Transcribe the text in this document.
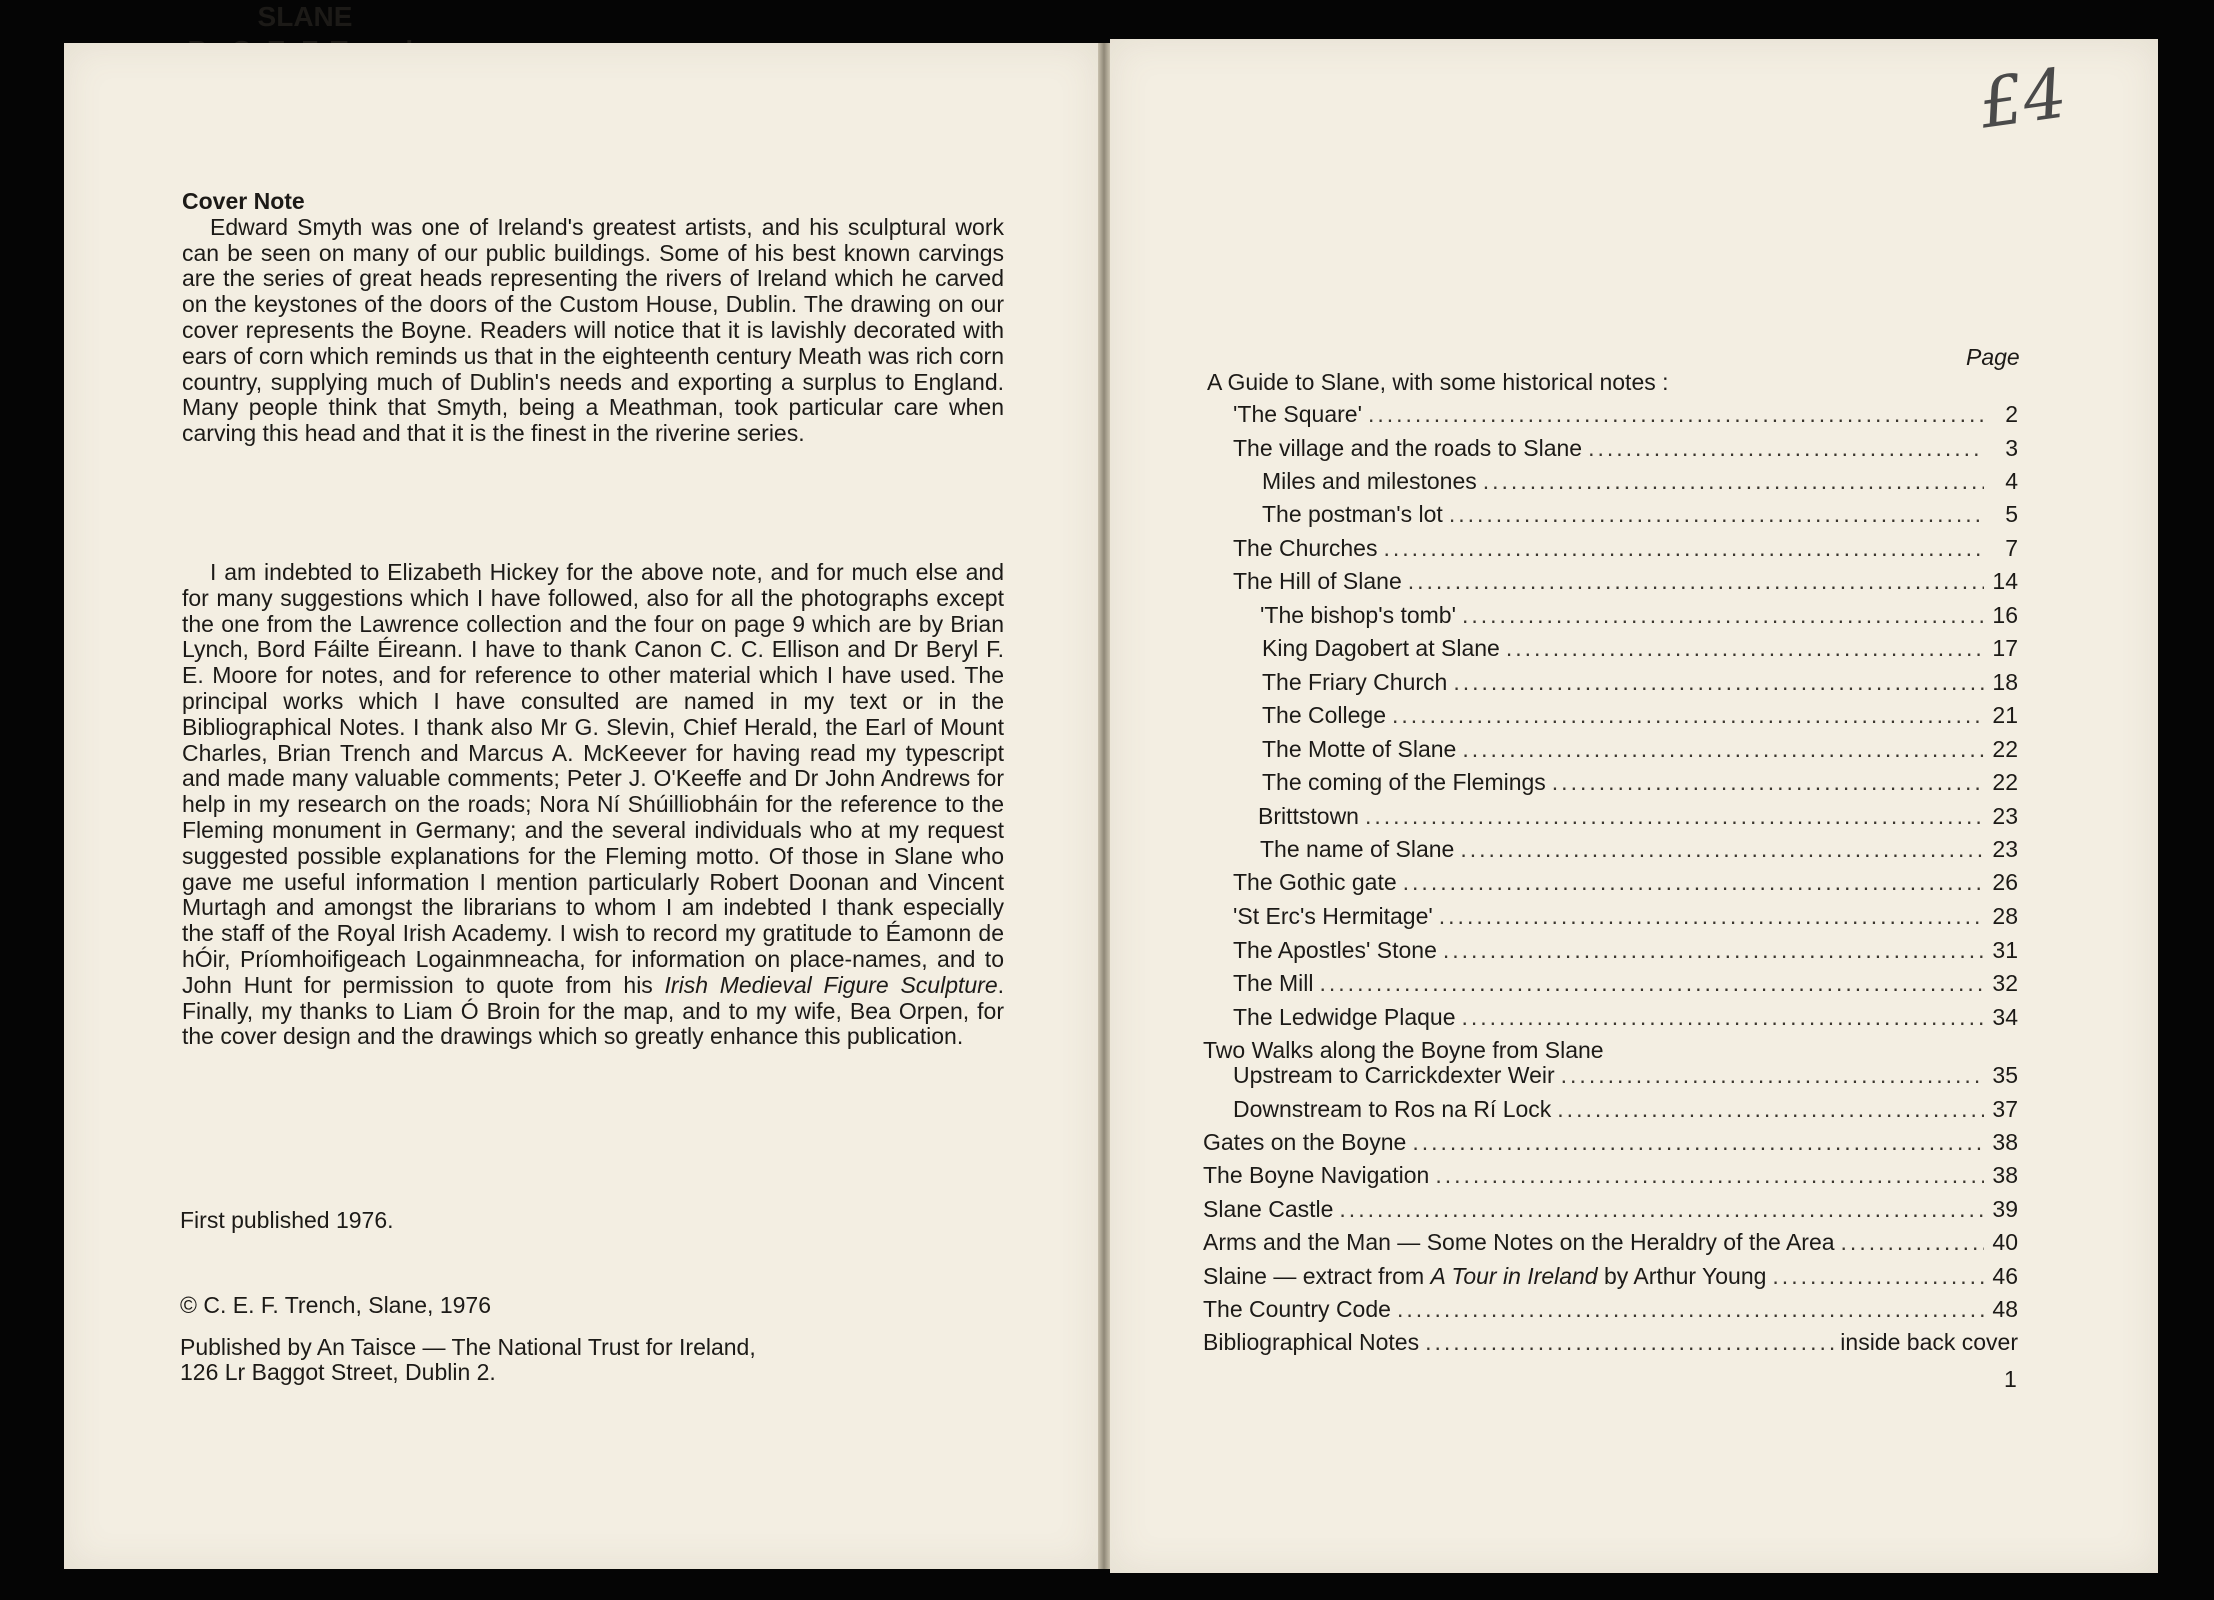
Cover Note
Edward Smyth was one of Ireland's greatest artists, and his sculptural work can be seen on many of our public buildings. Some of his best known carvings are the series of great heads representing the rivers of Ireland which he carved on the keystones of the doors of the Custom House, Dublin. The drawing on our cover represents the Boyne. Readers will notice that it is lavishly decorated with ears of corn which reminds us that in the eighteenth century Meath was rich corn country, supplying much of Dublin's needs and exporting a surplus to England. Many people think that Smyth, being a Meathman, took particular care when carving this head and that it is the finest in the riverine series.
I am indebted to Elizabeth Hickey for the above note, and for much else and for many suggestions which I have followed, also for all the photographs except the one from the Lawrence collection and the four on page 9 which are by Brian Lynch, Bord Fáilte Éireann. I have to thank Canon C. C. Ellison and Dr Beryl F. E. Moore for notes, and for reference to other material which I have used. The principal works which I have consulted are named in my text or in the Bibliographical Notes. I thank also Mr G. Slevin, Chief Herald, the Earl of Mount Charles, Brian Trench and Marcus A. McKeever for having read my typescript and made many valuable comments; Peter J. O'Keeffe and Dr John Andrews for help in my research on the roads; Nora Ní Shúilliobháin for the reference to the Fleming monument in Germany; and the several individuals who at my request suggested possible explanations for the Fleming motto. Of those in Slane who gave me useful information I mention particularly Robert Doonan and Vincent Murtagh and amongst the librarians to whom I am indebted I thank especially the staff of the Royal Irish Academy. I wish to record my gratitude to Éamonn de hÓir, Príomhoifigeach Logainmneacha, for information on place-names, and to John Hunt for permission to quote from his Irish Medieval Figure Sculpture. Finally, my thanks to Liam Ó Broin for the map, and to my wife, Bea Orpen, for the cover design and the drawings which so greatly enhance this publication.
First published 1976.
© C. E. F. Trench, Slane, 1976
Published by An Taisce — The National Trust for Ireland,
126 Lr Baggot Street, Dublin 2.
£4
SLANE
Page
A Guide to Slane, with some historical notes :
Two Walks along the Boyne from Slane
'The Square' .....	2
The village and the roads to Slane .....	3
Miles and milestones .....	4
The postman's lot .....	5
The Churches .....	7
The Hill of Slane .....	14
'The bishop's tomb' .....	16
King Dagobert at Slane .....	17
The Friary Church .....	18
The College .....	21
The Motte of Slane .....	22
The coming of the Flemings .....	22
Brittstown .....	23
The name of Slane .....	23
The Gothic gate .....	26
'St Erc's Hermitage' .....	28
The Apostles' Stone .....	31
The Mill .....	32
The Ledwidge Plaque .....	34
Upstream to Carrickdexter Weir .....	35
Downstream to Ros na Rí Lock .....	37
Gates on the Boyne .....	38
The Boyne Navigation .....	38
Slane Castle .....	39
Arms and the Man — Some Notes on the Heraldry of the Area .....	40
Slaine — extract from A Tour in Ireland by Arthur Young .....	46
The Country Code .....	48
Bibliographical Notes .....	inside back cover
1
